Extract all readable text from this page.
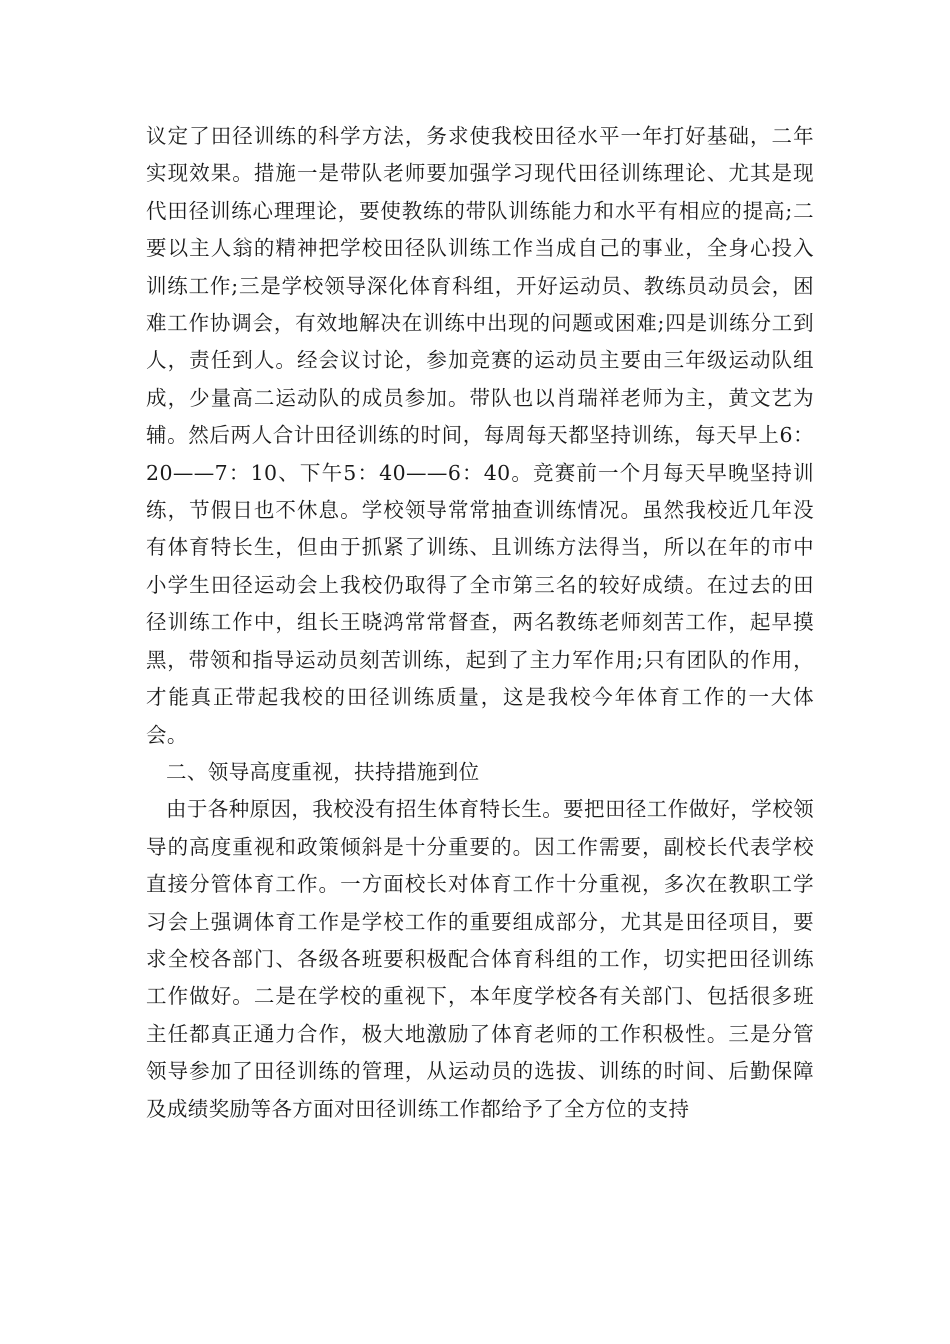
议定了田径训练的科学方法，务求使我校田径水平一年打好基础，二年实现效果。措施一是带队老师要加强学习现代田径训练理论、尤其是现代田径训练心理理论，要使教练的带队训练能力和水平有相应的提高;二要以主人翁的精神把学校田径队训练工作当成自己的事业，全身心投入训练工作;三是学校领导深化体育科组，开好运动员、教练员动员会，困难工作协调会，有效地解决在训练中出现的问题或困难;四是训练分工到人，责任到人。经会议讨论，参加竞赛的运动员主要由三年级运动队组成，少量高二运动队的成员参加。带队也以肖瑞祥老师为主，黄文艺为辅。然后两人合计田径训练的时间，每周每天都坚持训练，每天早上6：20——7：10、下午5：40——6：40。竞赛前一个月每天早晚坚持训练，节假日也不休息。学校领导常常抽查训练情况。虽然我校近几年没有体育特长生，但由于抓紧了训练、且训练方法得当，所以在年的市中小学生田径运动会上我校仍取得了全市第三名的较好成绩。在过去的田径训练工作中，组长王晓鸿常常督查，两名教练老师刻苦工作，起早摸黑，带领和指导运动员刻苦训练，起到了主力军作用;只有团队的作用，才能真正带起我校的田径训练质量，这是我校今年体育工作的一大体会。

二、领导高度重视，扶持措施到位

由于各种原因，我校没有招生体育特长生。要把田径工作做好，学校领导的高度重视和政策倾斜是十分重要的。因工作需要，副校长代表学校直接分管体育工作。一方面校长对体育工作十分重视，多次在教职工学习会上强调体育工作是学校工作的重要组成部分，尤其是田径项目，要求全校各部门、各级各班要积极配合体育科组的工作，切实把田径训练工作做好。二是在学校的重视下，本年度学校各有关部门、包括很多班主任都真正通力合作，极大地激励了体育老师的工作积极性。三是分管领导参加了田径训练的管理，从运动员的选拔、训练的时间、后勤保障及成绩奖励等各方面对田径训练工作都给予了全方位的支持
